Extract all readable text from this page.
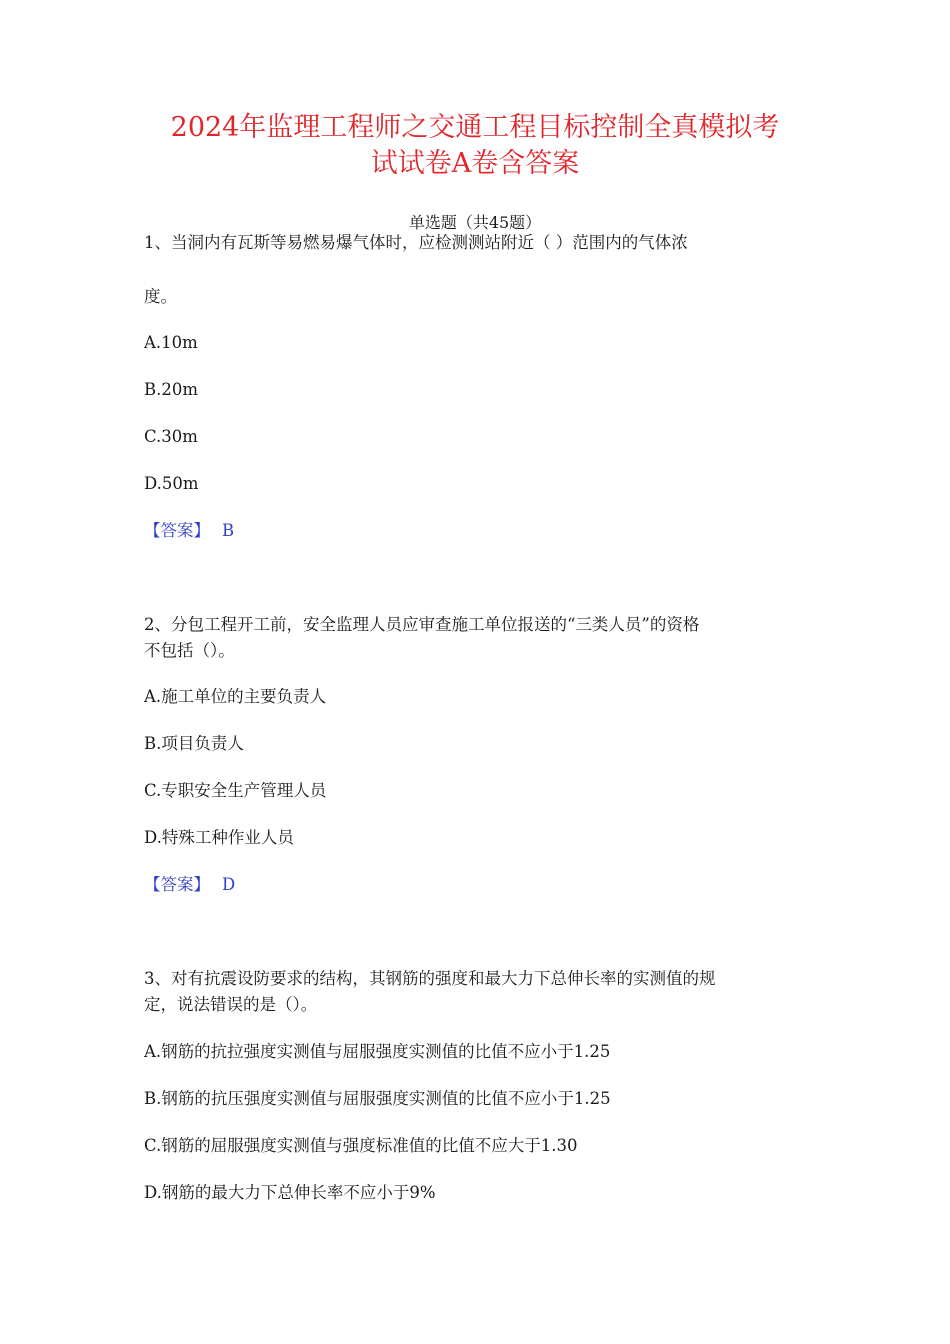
2024年监理工程师之交通工程目标控制全真模拟考
试试卷A卷含答案
单选题（共45题）
1、当洞内有瓦斯等易燃易爆气体时，应检测测站附近（ ）范围内的气体浓
度。
A.10m
B.20m
C.30m
D.50m
【答案】 B
2、分包工程开工前，安全监理人员应审查施工单位报送的“三类人员”的资格
不包括（）。
A.施工单位的主要负责人
B.项目负责人
C.专职安全生产管理人员
D.特殊工种作业人员
【答案】 D
3、对有抗震设防要求的结构，其钢筋的强度和最大力下总伸长率的实测值的规
定，说法错误的是（）。
A.钢筋的抗拉强度实测值与屈服强度实测值的比值不应小于1.25
B.钢筋的抗压强度实测值与屈服强度实测值的比值不应小于1.25
C.钢筋的屈服强度实测值与强度标准值的比值不应大于1.30
D.钢筋的最大力下总伸长率不应小于9%
